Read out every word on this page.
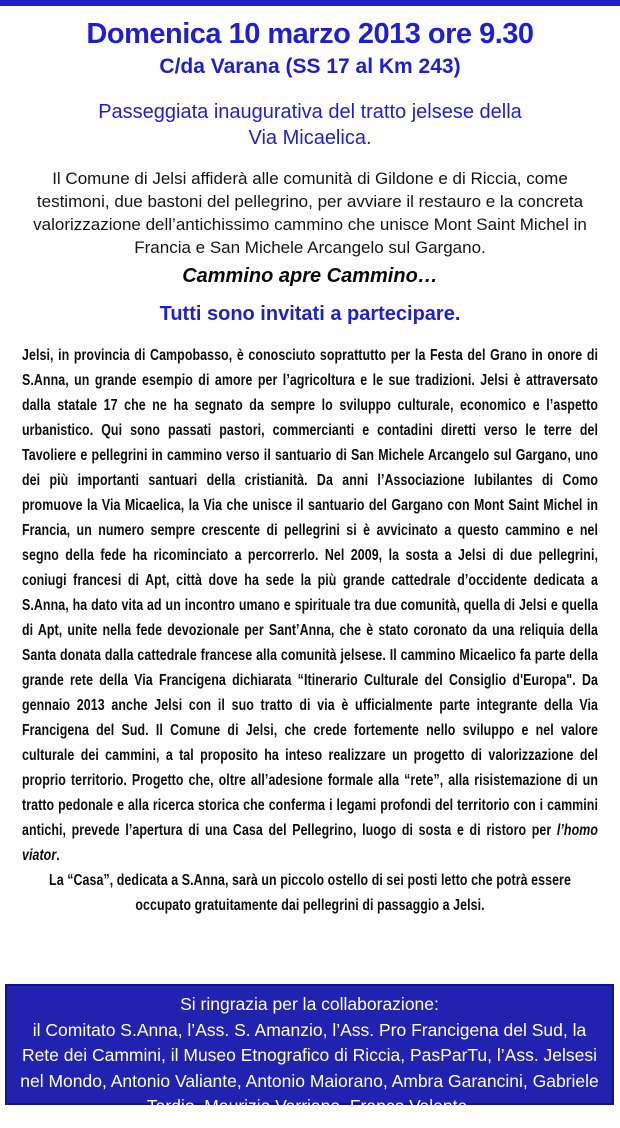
Domenica 10 marzo 2013 ore 9.30
C/da Varana (SS 17 al Km 243)
Passeggiata inaugurativa del tratto jelsese della
Via Micaelica.

Il Comune di Jelsi affiderà alle comunità di Gildone e di Riccia, come testimoni, due bastoni del pellegrino, per avviare il restauro e la concreta valorizzazione dell’antichissimo cammino che unisce Mont Saint Michel in Francia e San Michele Arcangelo sul Gargano.

Cammino apre Cammino…
Tutti sono invitati a partecipare.
Jelsi, in provincia di Campobasso, è conosciuto soprattutto per la Festa del Grano in onore di S.Anna, un grande esempio di amore per l’agricoltura e le sue tradizioni. Jelsi è attraversato dalla statale 17 che ne ha segnato da sempre lo sviluppo culturale, economico e l’aspetto urbanistico. Qui sono passati pastori, commercianti e contadini diretti verso le terre del Tavoliere e pellegrini in cammino verso il santuario di San Michele Arcangelo sul Gargano, uno dei più importanti santuari della cristianità. Da anni l’Associazione Iubilantes di Como promuove la Via Micaelica, la Via che unisce il santuario del Gargano con Mont Saint Michel in Francia, un numero sempre crescente di pellegrini si è avvicinato a questo cammino e nel segno della fede ha ricominciato a percorrerlo. Nel 2009, la sosta a Jelsi di due pellegrini, coniugi francesi di Apt, città dove ha sede la più grande cattedrale d’occidente dedicata a S.Anna, ha dato vita ad un incontro umano e spirituale tra due comunità, quella di Jelsi e quella di Apt, unite nella fede devozionale per Sant’Anna, che è stato coronato da una reliquia della Santa donata dalla cattedrale francese alla comunità jelsese. Il cammino Micaelico fa parte della grande rete della Via Francigena dichiarata “Itinerario Culturale del Consiglio d'Europa". Da gennaio 2013 anche Jelsi con il suo tratto di via è ufficialmente parte integrante della Via Francigena del Sud. Il Comune di Jelsi, che crede fortemente nello sviluppo e nel valore culturale dei cammini, a tal proposito ha inteso realizzare un progetto di valorizzazione del proprio territorio. Progetto che, oltre all’adesione formale alla “rete”, alla risistemazione di un tratto pedonale e alla ricerca storica che conferma i legami profondi del territorio con i cammini antichi, prevede l’apertura di una Casa del Pellegrino, luogo di sosta e di ristoro per l’homo viator.
La “Casa”, dedicata a S.Anna, sarà un piccolo ostello di sei posti letto che potrà essere occupato gratuitamente dai pellegrini di passaggio a Jelsi.
Si ringrazia per la collaborazione:
il Comitato S.Anna, l’Ass. S. Amanzio, l’Ass. Pro Francigena del Sud, la Rete dei Cammini, il Museo Etnografico di Riccia, PasParTu, l’Ass. Jelsesi nel Mondo, Antonio Valiante, Antonio Maiorano, Ambra Garancini, Gabriele Tardio, Maurizio Varriano, Franco Valente.
